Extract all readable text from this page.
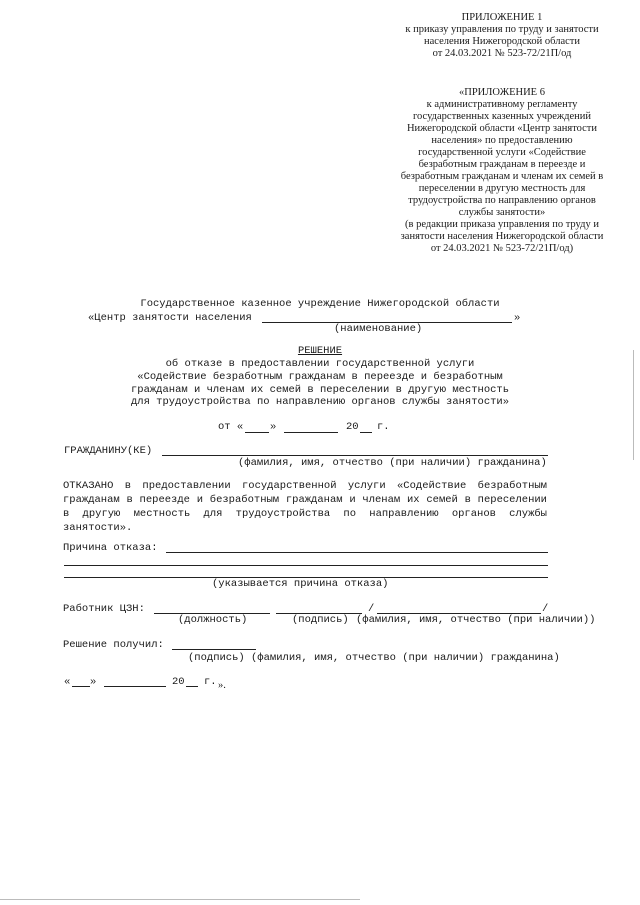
ПРИЛОЖЕНИЕ 1
к приказу управления по труду и занятости
населения Нижегородской области
от 24.03.2021 № 523-72/21П/од
«ПРИЛОЖЕНИЕ 6
к административному регламенту
государственных казенных учреждений
Нижегородской области «Центр занятости
населения» по предоставлению
государственной услуги «Содействие
безработным гражданам в переезде и
безработным гражданам и членам их семей в
переселении в другую местность для
трудоустройства по направлению органов
службы занятости»
(в редакции приказа управления по труду и
занятости населения Нижегородской области
от 24.03.2021 № 523-72/21П/од)
Государственное казенное учреждение Нижегородской области
«Центр занятости населения	»
(наименование)
РЕШЕНИЕ
об отказе в предоставлении государственной услуги
«Содействие безработным гражданам в переезде и безработным
гражданам и членам их семей в переселении в другую местность
для трудоустройства по направлению органов службы занятости»
от «	»	20 г.
ГРАЖДАНИНУ(КЕ)
(фамилия, имя, отчество (при наличии) гражданина)
ОТКАЗАНО в предоставлении государственной услуги «Содействие безработным гражданам в переезде и безработным гражданам и членам их семей в переселении в другую местность для трудоустройства по направлению органов службы занятости».
Причина отказа:
(указывается причина отказа)
Работник ЦЗН:	/	/
(должность)	(подпись) (фамилия, имя, отчество (при наличии))
Решение получил:
(подпись) (фамилия, имя, отчество (при наличии) гражданина)
« »	20 г. ».
